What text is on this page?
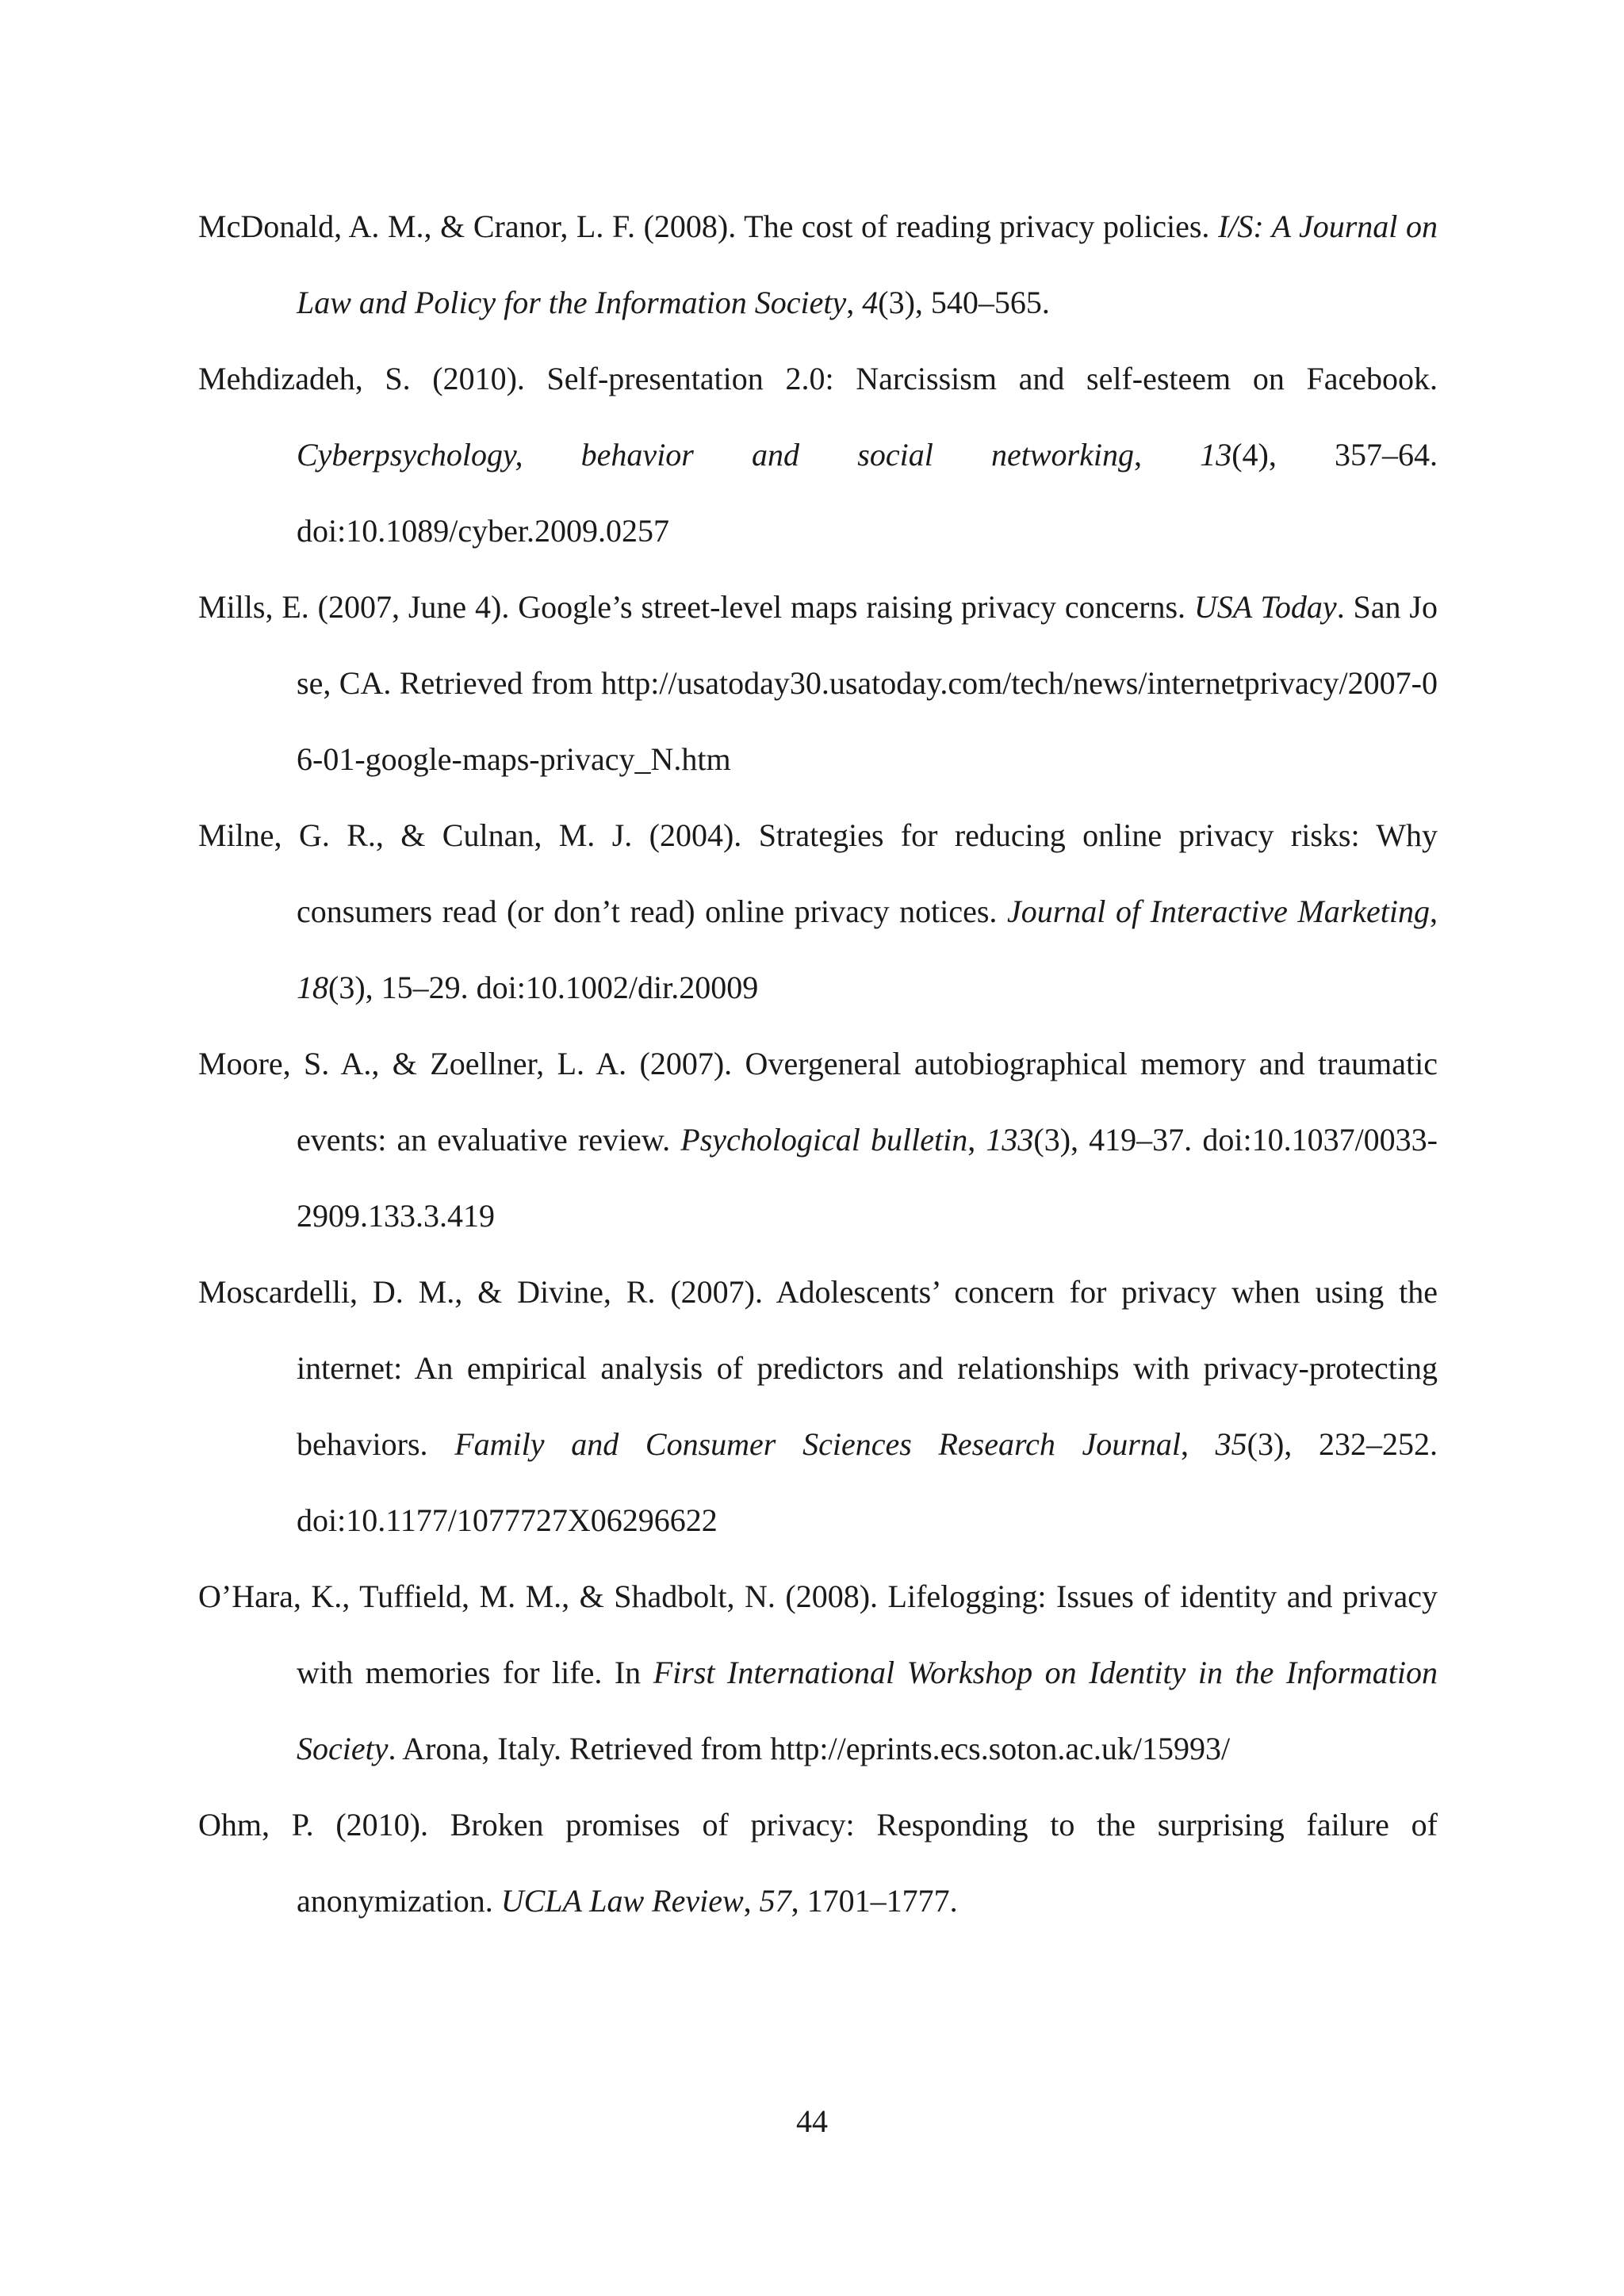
McDonald, A. M., & Cranor, L. F. (2008). The cost of reading privacy policies. I/S: A Journal on Law and Policy for the Information Society, 4(3), 540–565.

Mehdizadeh, S. (2010). Self-presentation 2.0: Narcissism and self-esteem on Facebook. Cyberpsychology, behavior and social networking, 13(4), 357–64. doi:10.1089/cyber.2009.0257

Mills, E. (2007, June 4). Google’s street-level maps raising privacy concerns. USA Today. San Jose, CA. Retrieved from http://usatoday30.usatoday.com/tech/news/internetprivacy/2007-06-01-google-maps-privacy_N.htm

Milne, G. R., & Culnan, M. J. (2004). Strategies for reducing online privacy risks: Why consumers read (or don’t read) online privacy notices. Journal of Interactive Marketing, 18(3), 15–29. doi:10.1002/dir.20009

Moore, S. A., & Zoellner, L. A. (2007). Overgeneral autobiographical memory and traumatic events: an evaluative review. Psychological bulletin, 133(3), 419–37. doi:10.1037/0033-2909.133.3.419

Moscardelli, D. M., & Divine, R. (2007). Adolescents’ concern for privacy when using the internet: An empirical analysis of predictors and relationships with privacy-protecting behaviors. Family and Consumer Sciences Research Journal, 35(3), 232–252. doi:10.1177/1077727X06296622

O’Hara, K., Tuffield, M. M., & Shadbolt, N. (2008). Lifelogging: Issues of identity and privacy with memories for life. In First International Workshop on Identity in the Information Society. Arona, Italy. Retrieved from http://eprints.ecs.soton.ac.uk/15993/

Ohm, P. (2010). Broken promises of privacy: Responding to the surprising failure of anonymization. UCLA Law Review, 57, 1701–1777.

44
